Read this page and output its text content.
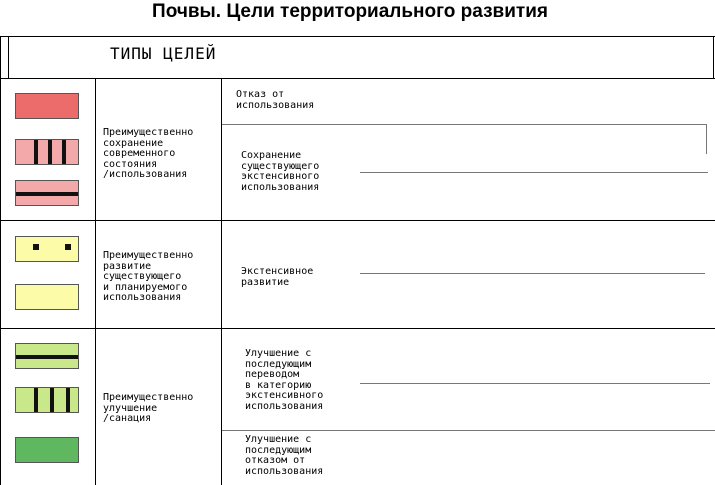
Почвы. Цели территориального развития
ТИПЫ ЦЕЛЕЙ
Преимущественно
сохранение
современного
состояния
/использования
Преимущественно
развитие
существующего
и планируемого
использования
Преимущественно
улучшение
/санация
Отказ от
использования
Сохранение
существующего
экстенсивного
использования
Экстенсивное
развитие
Улучшение с
последующим
переводом
в категорию
экстенсивного
использования
Улучшение с
последующим
отказом от
использования
